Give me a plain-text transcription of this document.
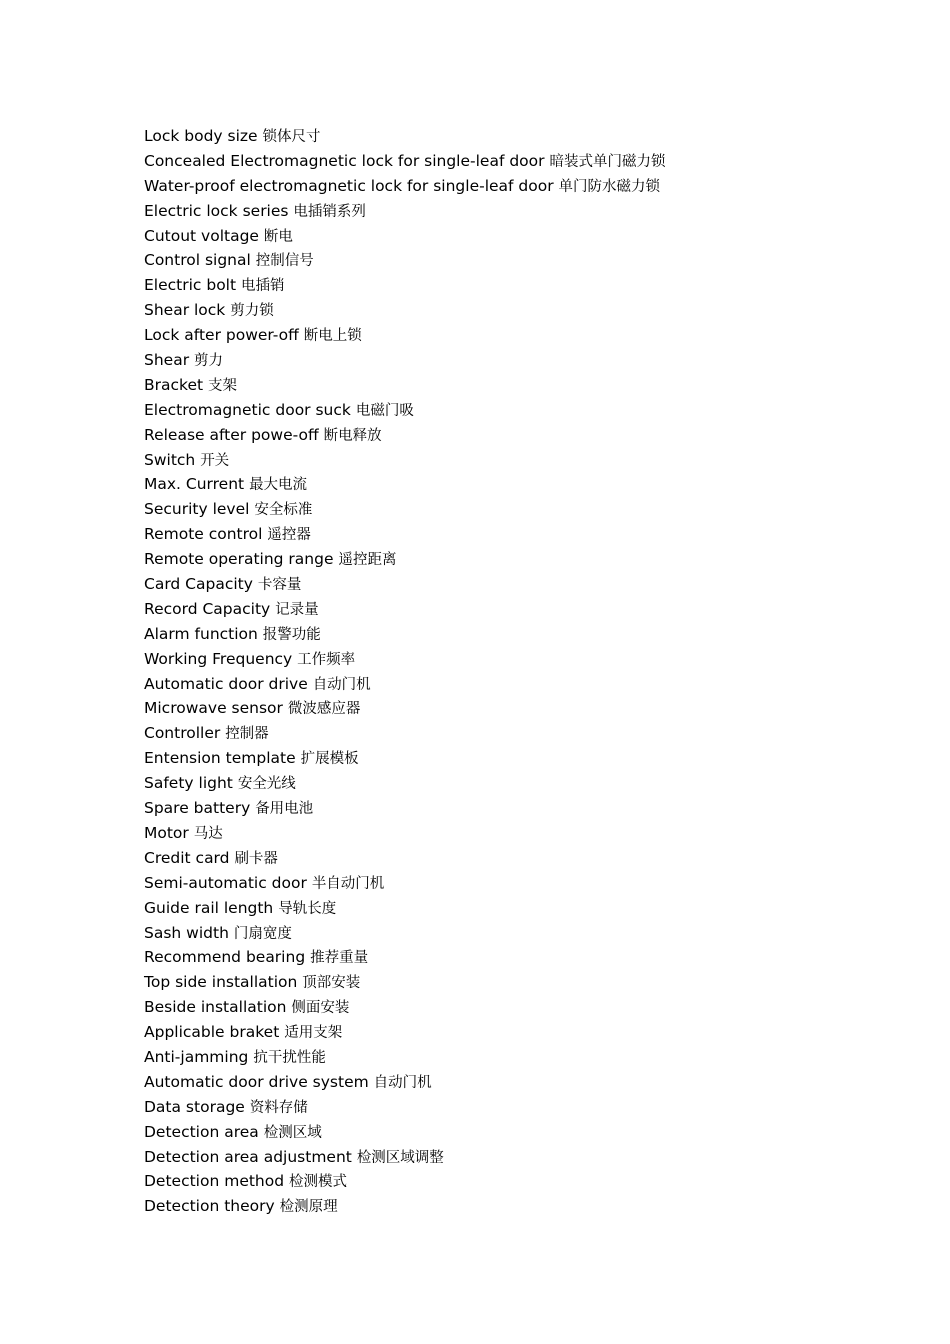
Lock body size 锁体尺寸
Concealed Electromagnetic lock for single-leaf door 暗装式单门磁力锁
Water-proof electromagnetic lock for single-leaf door 单门防水磁力锁
Electric lock series 电插销系列
Cutout voltage 断电
Control signal 控制信号
Electric bolt 电插销
Shear lock 剪力锁
Lock after power-off 断电上锁
Shear 剪力
Bracket 支架
Electromagnetic door suck 电磁门吸
Release after powe-off 断电释放
Switch 开关
Max. Current 最大电流
Security level 安全标准
Remote control 遥控器
Remote operating range 遥控距离
Card Capacity 卡容量
Record Capacity 记录量
Alarm function 报警功能
Working Frequency 工作频率
Automatic door drive 自动门机
Microwave sensor 微波感应器
Controller 控制器
Entension template 扩展模板
Safety light 安全光线
Spare battery 备用电池
Motor 马达
Credit card 刷卡器
Semi-automatic door 半自动门机
Guide rail length 导轨长度
Sash width 门扇宽度
Recommend bearing 推荐重量
Top side installation 顶部安装
Beside installation 侧面安装
Applicable braket 适用支架
Anti-jamming 抗干扰性能
Automatic door drive system 自动门机
Data storage 资料存储
Detection area 检测区域
Detection area adjustment 检测区域调整
Detection method 检测模式
Detection theory 检测原理
